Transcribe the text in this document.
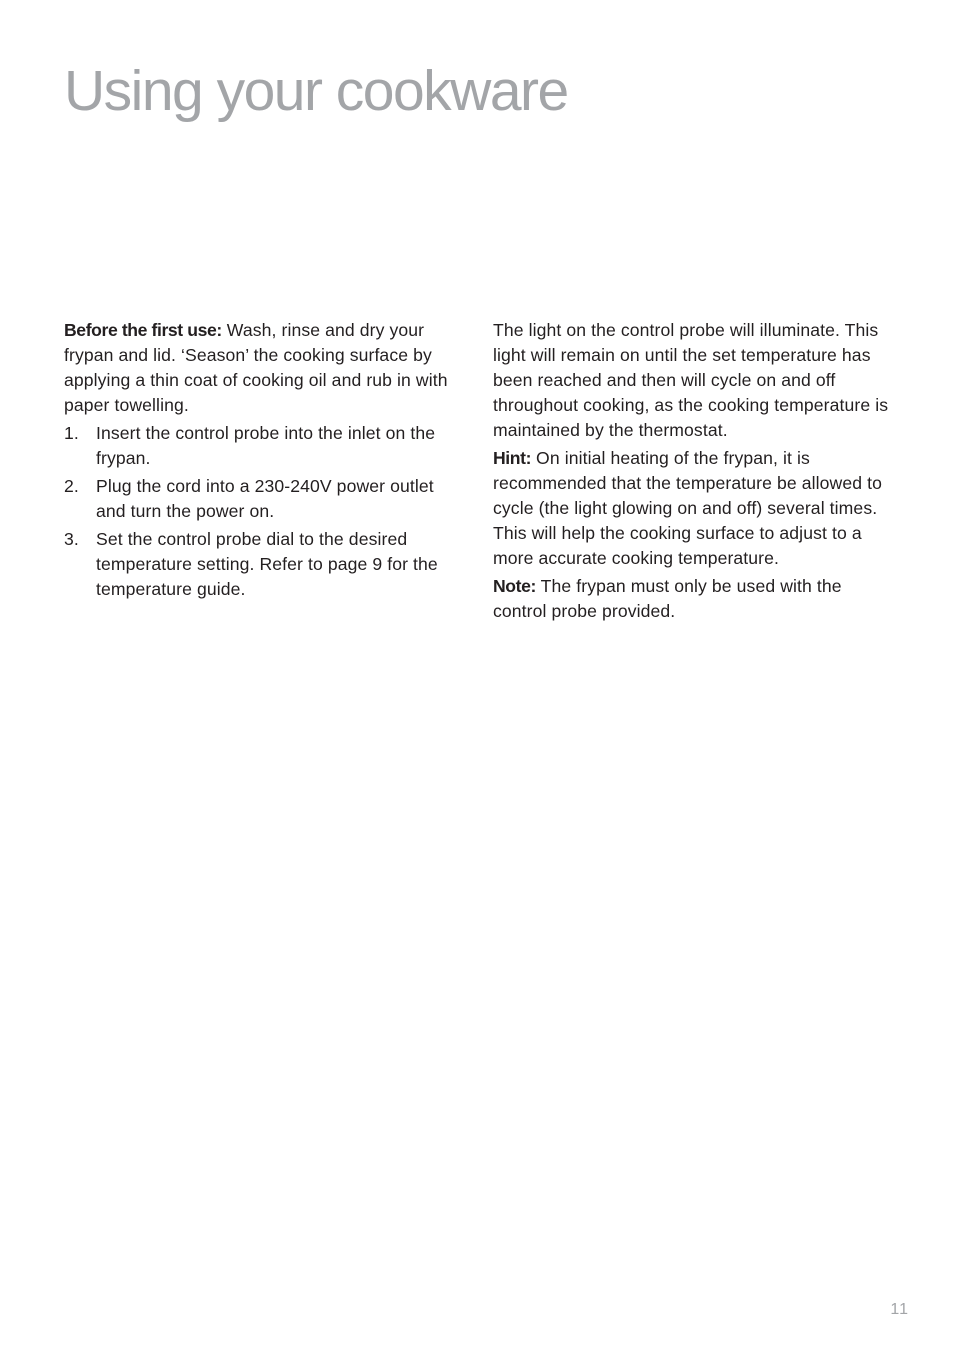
Using your cookware

Before the first use: Wash, rinse and dry your frypan and lid. ‘Season’ the cooking surface by applying a thin coat of cooking oil and rub in with paper towelling.

1. Insert the control probe into the inlet on the frypan.
2. Plug the cord into a 230-240V power outlet and turn the power on.
3. Set the control probe dial to the desired temperature setting. Refer to page 9 for the temperature guide.

The light on the control probe will illuminate. This light will remain on until the set temperature has been reached and then will cycle on and off throughout cooking, as the cooking temperature is maintained by the thermostat.

Hint: On initial heating of the frypan, it is recommended that the temperature be allowed to cycle (the light glowing on and off) several times. This will help the cooking surface to adjust to a more accurate cooking temperature.

Note: The frypan must only be used with the control probe provided.

11
